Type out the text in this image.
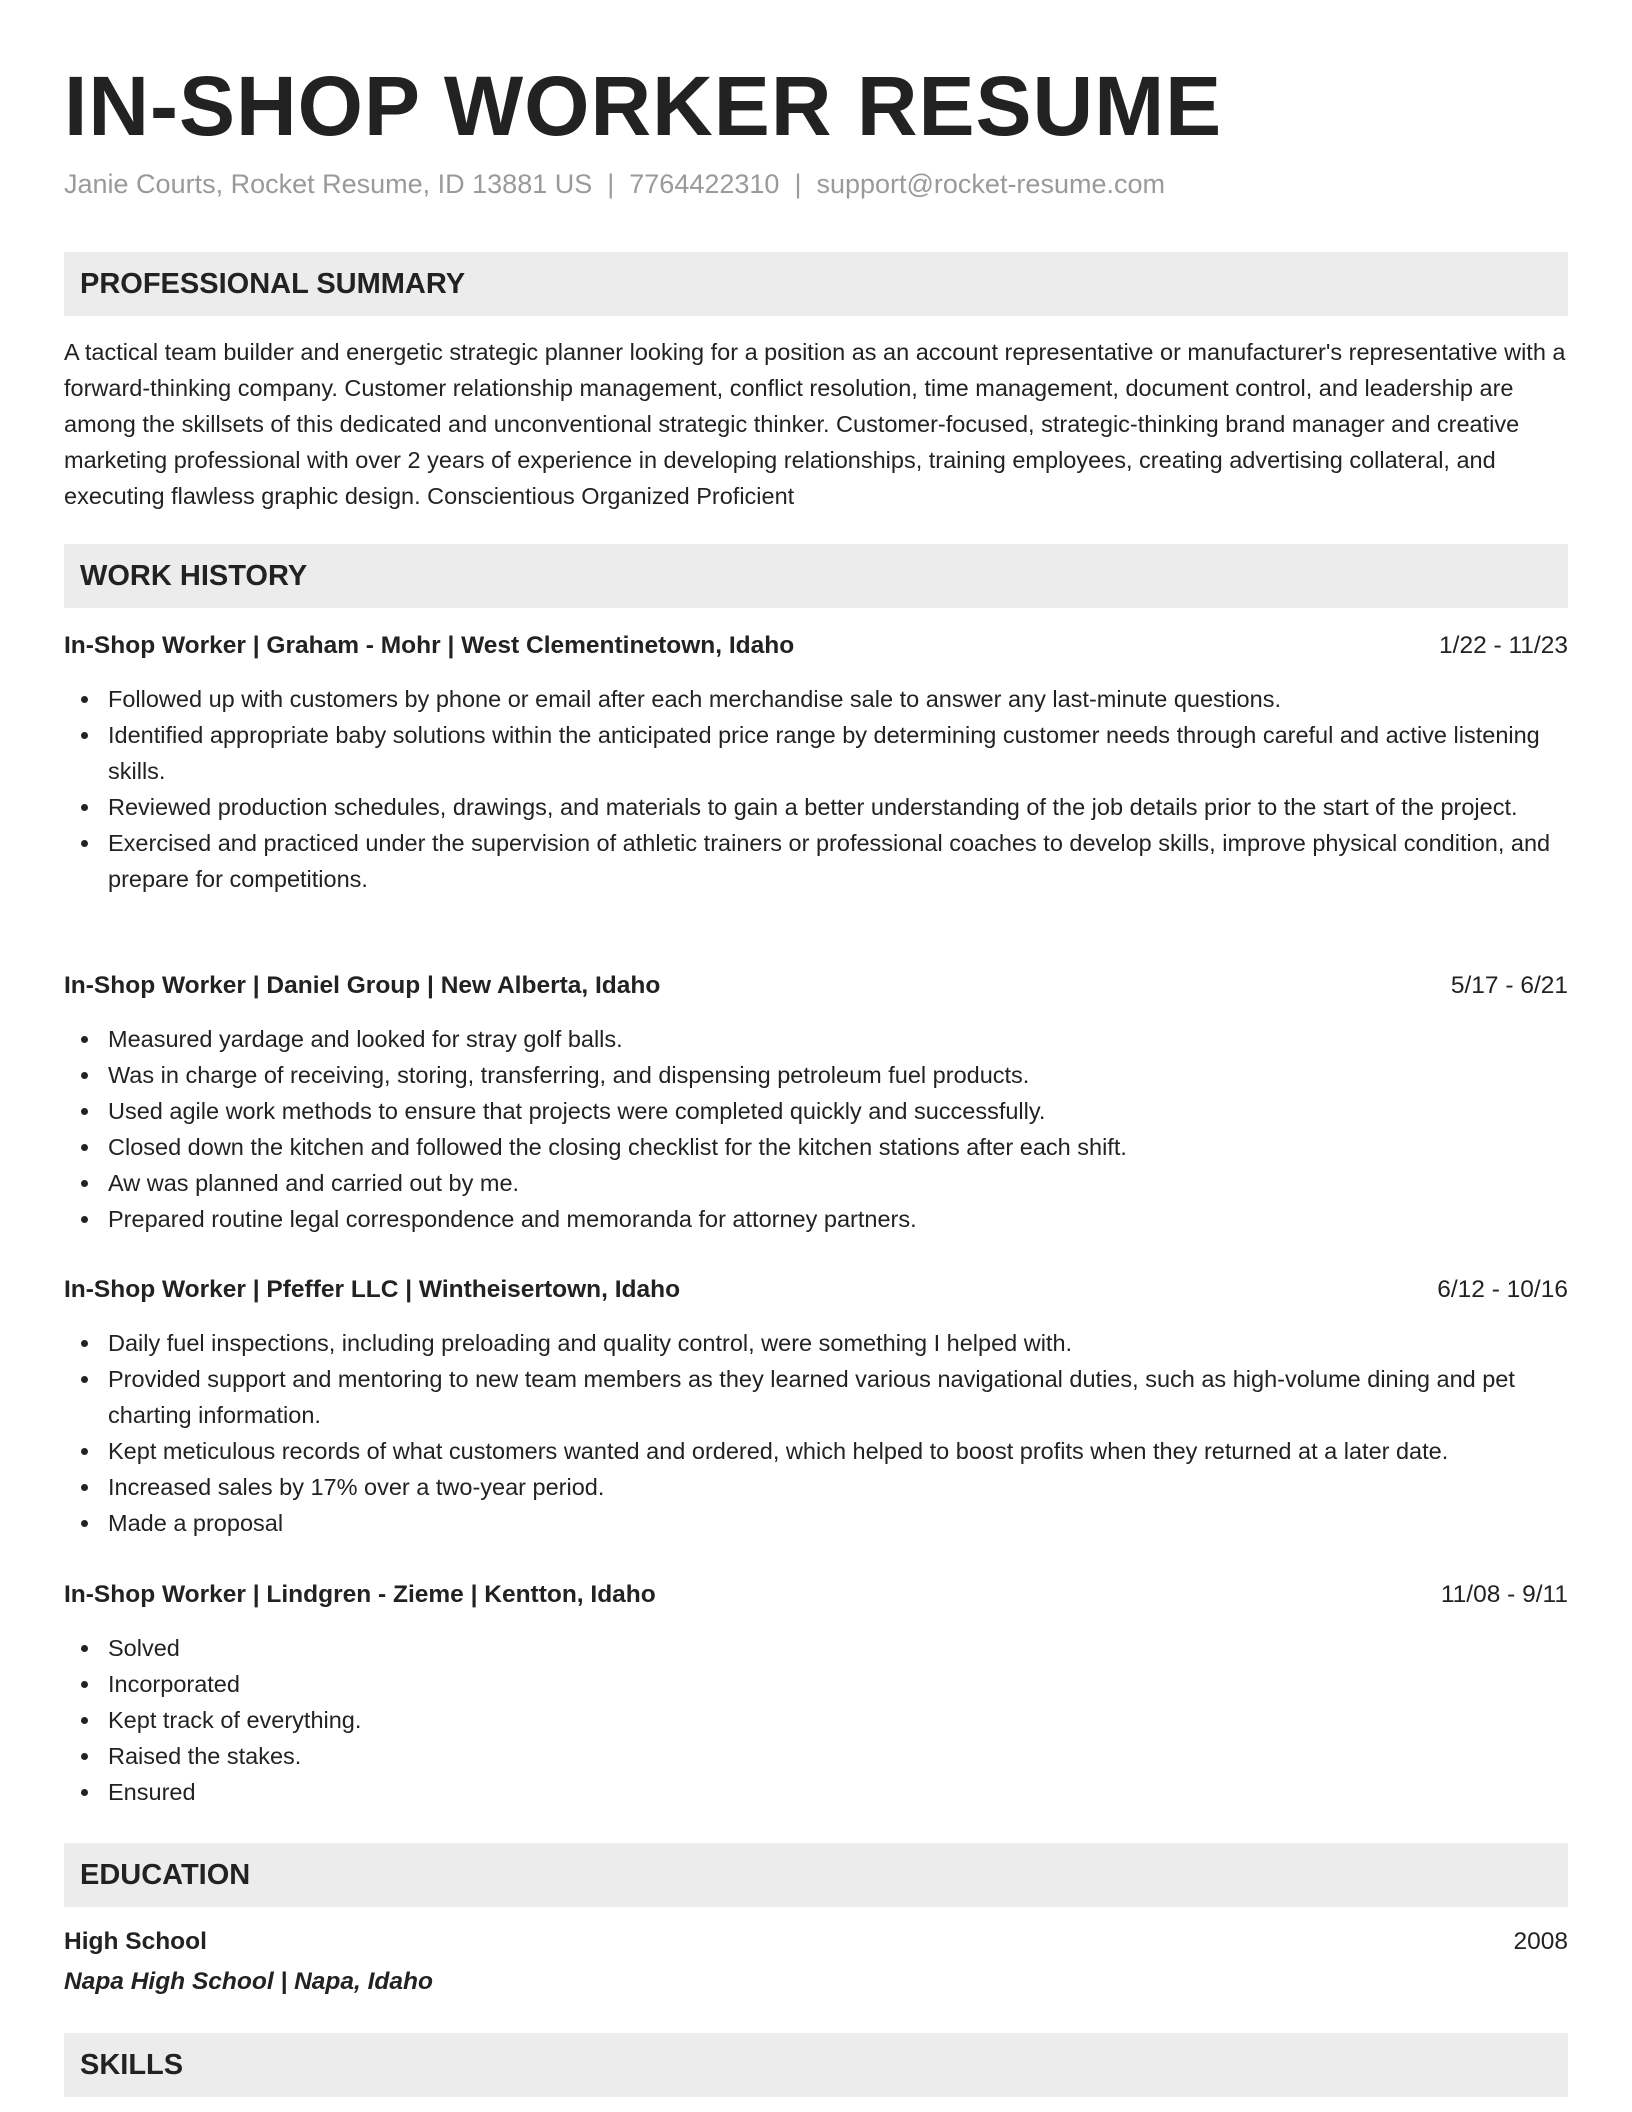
IN-SHOP WORKER RESUME
Janie Courts, Rocket Resume, ID 13881 US | 7764422310 | support@rocket-resume.com
PROFESSIONAL SUMMARY

A tactical team builder and energetic strategic planner looking for a position as an account representative or manufacturer's representative with a forward-thinking company. Customer relationship management, conflict resolution, time management, document control, and leadership are among the skillsets of this dedicated and unconventional strategic thinker. Customer-focused, strategic-thinking brand manager and creative marketing professional with over 2 years of experience in developing relationships, training employees, creating advertising collateral, and executing flawless graphic design. Conscientious Organized Proficient

WORK HISTORY
In-Shop Worker | Graham - Mohr | West Clementinetown, Idaho	1/22 - 11/23
Followed up with customers by phone or email after each merchandise sale to answer any last-minute questions.
Identified appropriate baby solutions within the anticipated price range by determining customer needs through careful and active listening skills.
Reviewed production schedules, drawings, and materials to gain a better understanding of the job details prior to the start of the project.
Exercised and practiced under the supervision of athletic trainers or professional coaches to develop skills, improve physical condition, and prepare for competitions.
In-Shop Worker | Daniel Group | New Alberta, Idaho	5/17 - 6/21
Measured yardage and looked for stray golf balls.
Was in charge of receiving, storing, transferring, and dispensing petroleum fuel products.
Used agile work methods to ensure that projects were completed quickly and successfully.
Closed down the kitchen and followed the closing checklist for the kitchen stations after each shift.
Aw was planned and carried out by me.
Prepared routine legal correspondence and memoranda for attorney partners.
In-Shop Worker | Pfeffer LLC | Wintheisertown, Idaho	6/12 - 10/16
Daily fuel inspections, including preloading and quality control, were something I helped with.
Provided support and mentoring to new team members as they learned various navigational duties, such as high-volume dining and pet charting information.
Kept meticulous records of what customers wanted and ordered, which helped to boost profits when they returned at a later date.
Increased sales by 17% over a two-year period.
Made a proposal
In-Shop Worker | Lindgren - Zieme | Kentton, Idaho	11/08 - 9/11
Solved
Incorporated
Kept track of everything.
Raised the stakes.
Ensured
EDUCATION
High School	2008
Napa High School | Napa, Idaho
SKILLS
